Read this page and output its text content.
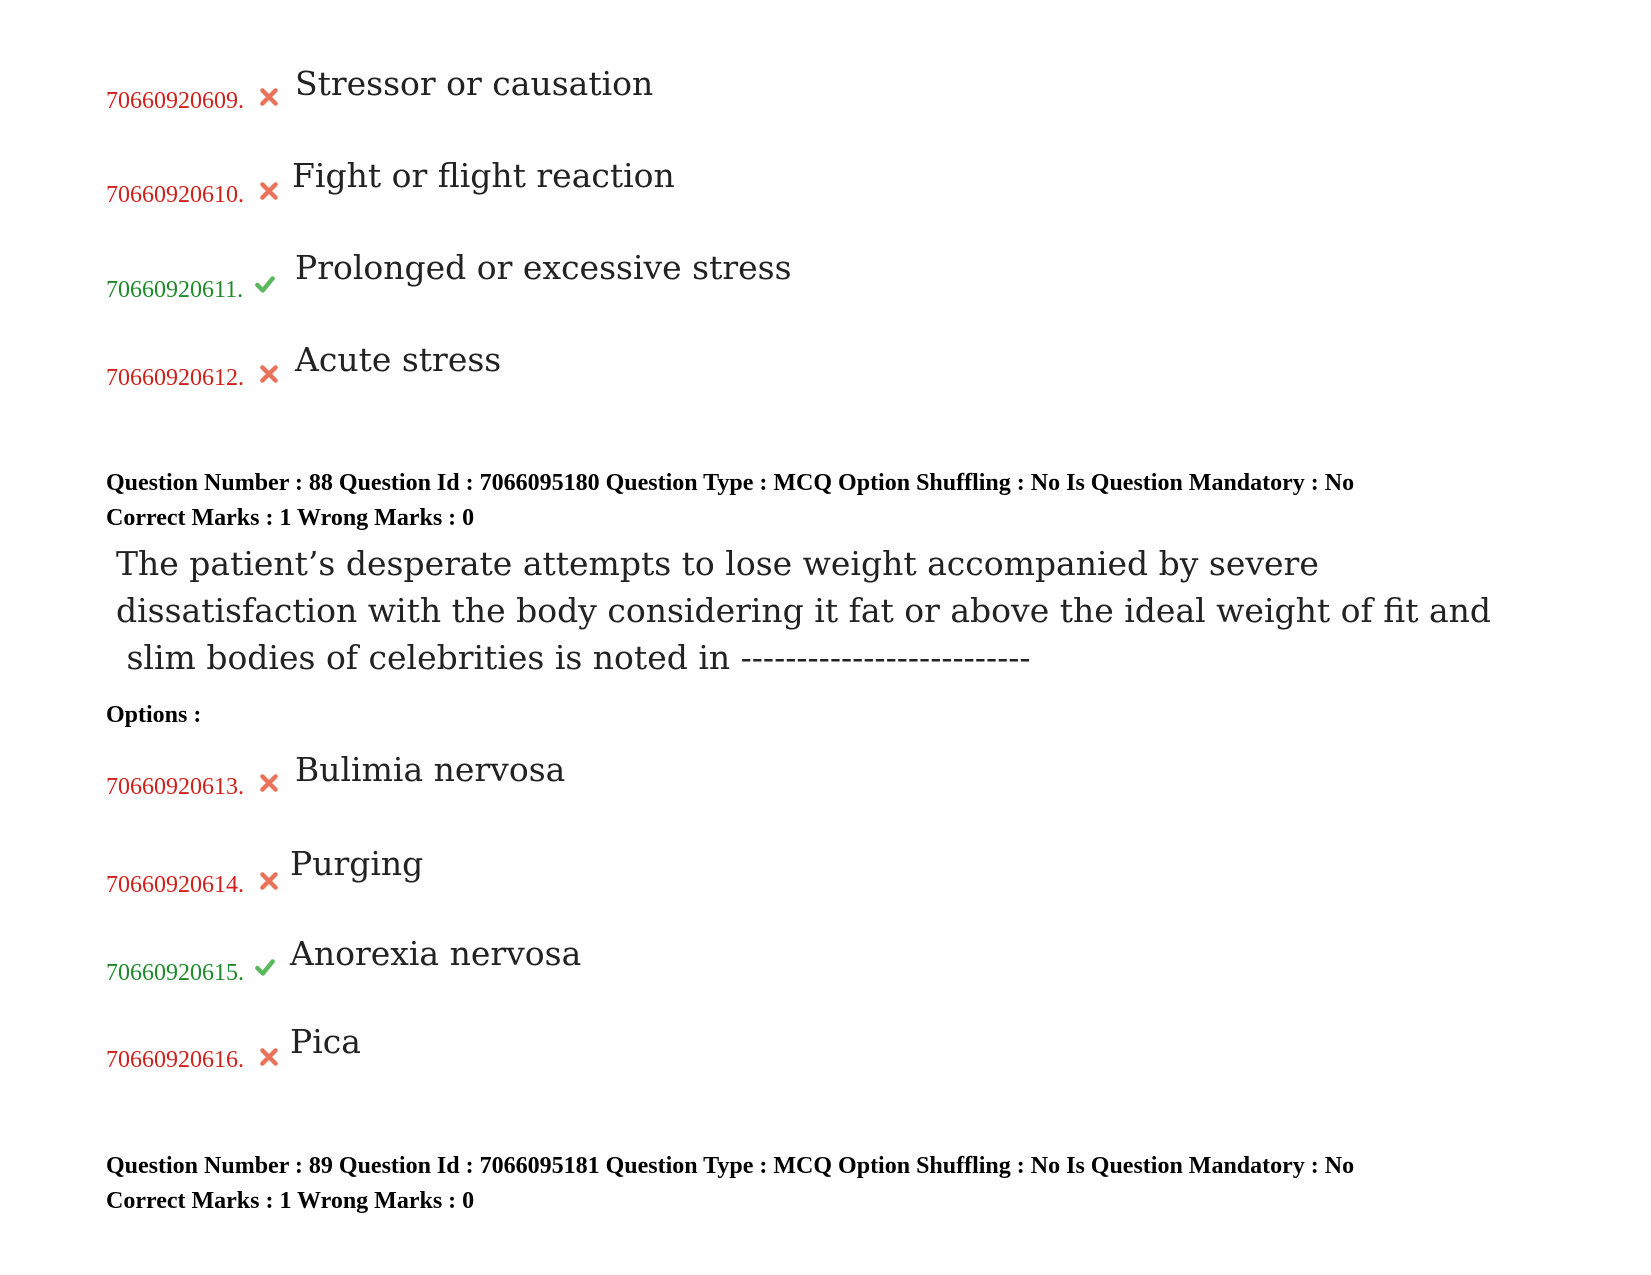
70660920609. Stressor or causation
70660920610. Fight or flight reaction
70660920611.
Prolonged or excessive stress
70660920612. Acute stress
Question Number : 88 Question Id : 7066095180 Question Type : MCQ Option Shuffling : No Is Question Mandatory : No
Correct Marks : 1 Wrong Marks : 0
The patient’s desperate attempts to lose weight accompanied by severe
dissatisfaction with the body considering it fat or above the ideal weight of fit and
slim bodies of celebrities is noted in --------------------------
Options :
70660920613. Bulimia nervosa
70660920614.
Purging
70660920615. Anorexia nervosa
70660920616. Pica
Question Number : 89 Question Id : 7066095181 Question Type : MCQ Option Shuffling : No Is Question Mandatory : No
Correct Marks : 1 Wrong Marks : 0
